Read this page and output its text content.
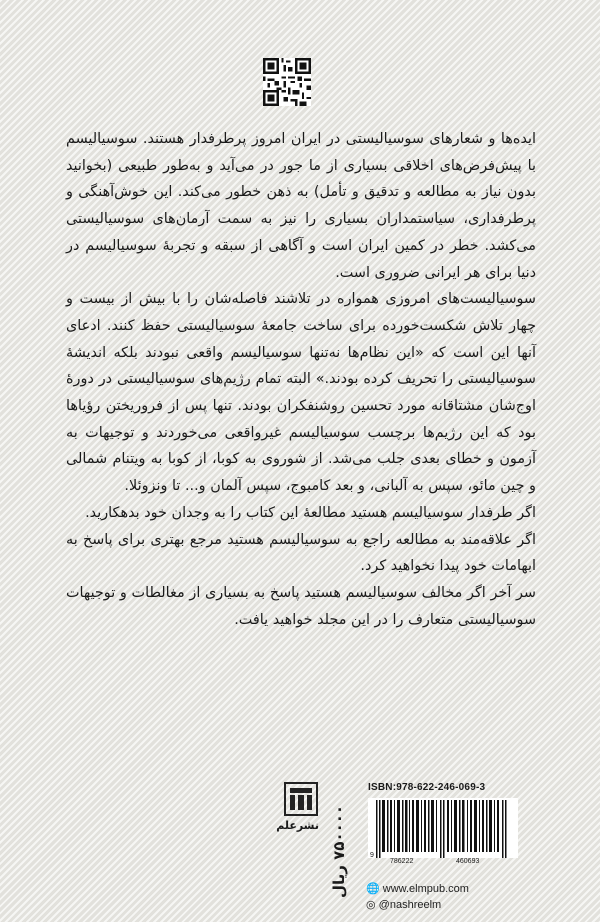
ایده‌ها و شعارهای سوسیالیستی در ایران امروز پرطرفدار هستند. سوسیالیسم با پیش‌فرض‌های اخلاقی بسیاری از ما جور در می‌آید و به‌طور طبیعی (بخوانید بدون نیاز به مطالعه و تدقیق و تأمل) به ذهن خطور می‌کند. این خوش‌آهنگی و پرطرفداری، سیاستمداران بسیاری را نیز به سمت آرمان‌های سوسیالیستی می‌کشد. خطر در کمین ایران است و آگاهی از سبقه و تجربهٔ سوسیالیسم در دنیا برای هر ایرانی ضروری است.

سوسیالیست‌های امروزی همواره در تلاشند فاصله‌شان را با بیش از بیست و چهار تلاش شکست‌خورده برای ساخت جامعهٔ سوسیالیستی حفظ کنند. ادعای آنها این است که «این نظام‌ها نه‌تنها سوسیالیسم واقعی نبودند بلکه اندیشهٔ سوسیالیستی را تحریف کرده بودند.» البته تمام رژیم‌های سوسیالیستی در دورهٔ اوج‌شان مشتاقانه مورد تحسین روشنفکران بودند. تنها پس از فروریختن رؤیاها بود که این رژیم‌ها برچسب سوسیالیسم غیرواقعی می‌خوردند و توجیهات به آزمون و خطای بعدی جلب می‌شد. از شوروی به کوبا، از کوبا به ویتنام شمالی و چین مائو، سپس به آلبانی، و بعد کامبوج، سپس آلمان و... تا ونزوئلا.

اگر طرفدار سوسیالیسم هستید مطالعهٔ این کتاب را به وجدان خود بدهکارید.

اگر علاقه‌مند به مطالعه راجع به سوسیالیسم هستید مرجع بهتری برای پاسخ به ابهامات خود پیدا نخواهید کرد.

سر آخر اگر مخالف سوسیالیسم هستید پاسخ به بسیاری از مغالطات و توجیهات سوسیالیستی متعارف را در این مجلد خواهید یافت.

۷۵۰۰۰۰ ریال
نشرعلم
ISBN:978-622-246-069-3
9
786222	460693
🌐 www.elmpub.com
◎ @nashreelm
